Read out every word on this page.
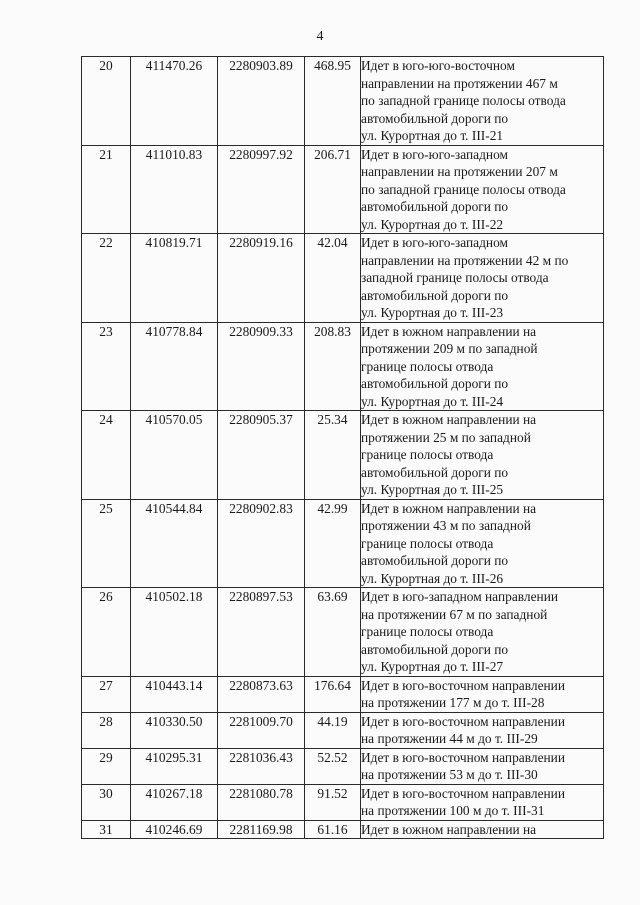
4
20	411470.26	2280903.89	468.95	Идет в юго-юго-восточном
направлении на протяжении 467 м
по западной границе полосы отвода
автомобильной дороги по
ул. Курортная до т. III-21

21	411010.83	2280997.92	206.71	Идет в юго-юго-западном
направлении на протяжении 207 м
по западной границе полосы отвода
автомобильной дороги по
ул. Курортная до т. III-22

22	410819.71	2280919.16	42.04	Идет в юго-юго-западном
направлении на протяжении 42 м по
западной границе полосы отвода
автомобильной дороги по
ул. Курортная до т. III-23

23	410778.84	2280909.33	208.83	Идет в южном направлении на
протяжении 209 м по западной
границе полосы отвода
автомобильной дороги по
ул. Курортная до т. III-24

24	410570.05	2280905.37	25.34	Идет в южном направлении на
протяжении 25 м по западной
границе полосы отвода
автомобильной дороги по
ул. Курортная до т. III-25

25	410544.84	2280902.83	42.99	Идет в южном направлении на
протяжении 43 м по западной
границе полосы отвода
автомобильной дороги по
ул. Курортная до т. III-26

26	410502.18	2280897.53	63.69	Идет в юго-западном направлении
на протяжении 67 м по западной
границе полосы отвода
автомобильной дороги по
ул. Курортная до т. III-27

27	410443.14	2280873.63	176.64	Идет в юго-восточном направлении
на протяжении 177 м до т. III-28

28	410330.50	2281009.70	44.19	Идет в юго-восточном направлении
на протяжении 44 м до т. III-29

29	410295.31	2281036.43	52.52	Идет в юго-восточном направлении
на протяжении 53 м до т. III-30

30	410267.18	2281080.78	91.52	Идет в юго-восточном направлении
на протяжении 100 м до т. III-31

31	410246.69	2281169.98	61.16	Идет в южном направлении на
